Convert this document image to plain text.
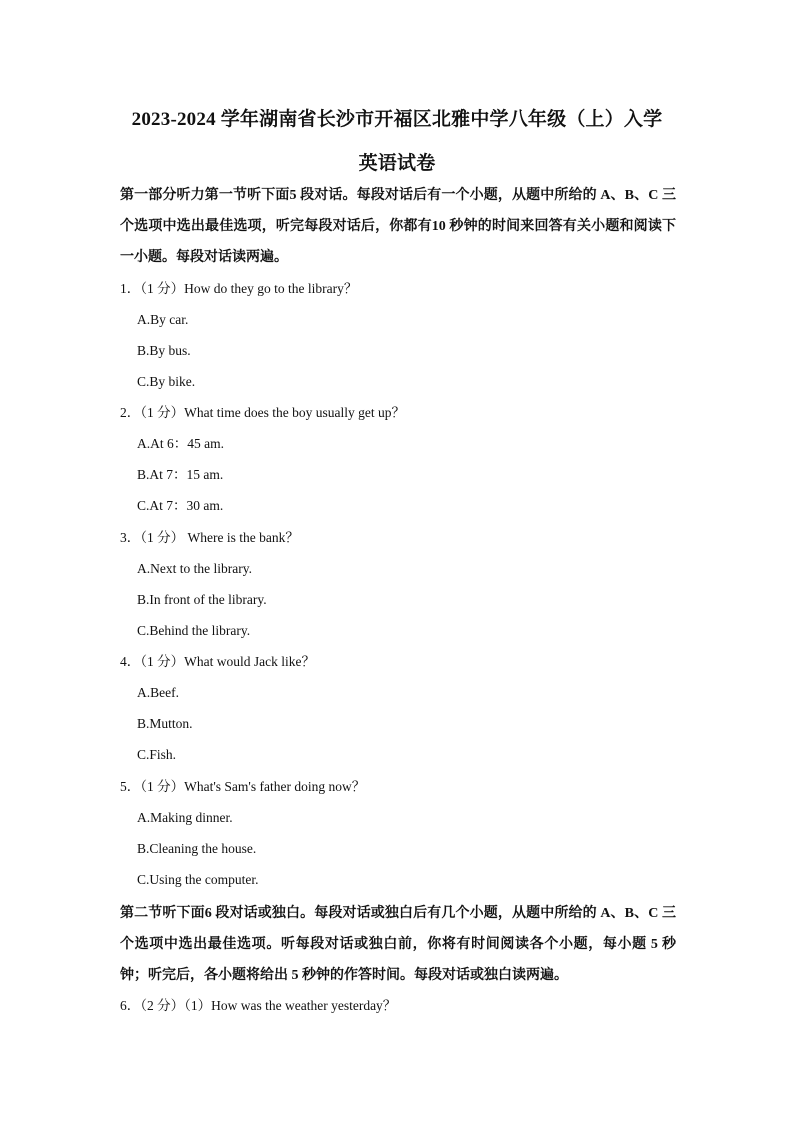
2023-2024 学年湖南省长沙市开福区北雅中学八年级（上）入学
英语试卷
第一部分听力第一节听下面5 段对话。每段对话后有一个小题，从题中所给的 A、B、C 三个选项中选出最佳选项，听完每段对话后，你都有10 秒钟的时间来回答有关小题和阅读下一小题。每段对话读两遍。
1．（1 分）How do they go to the library？
A.By car.
B.By bus.
C.By bike.
2．（1 分）What time does the boy usually get up？
A.At 6：45 am.
B.At 7：15 am.
C.At 7：30 am.
3．（1 分） Where is the bank？
A.Next to the library.
B.In front of the library.
C.Behind the library.
4．（1 分）What would Jack like？
A.Beef.
B.Mutton.
C.Fish.
5．（1 分）What's Sam's father doing now？
A.Making dinner.
B.Cleaning the house.
C.Using the computer.
第二节听下面6 段对话或独白。每段对话或独白后有几个小题，从题中所给的 A、B、C 三个选项中选出最佳选项。听每段对话或独白前，你将有时间阅读各个小题，每小题 5 秒钟；听完后，各小题将给出 5 秒钟的作答时间。每段对话或独白读两遍。
6．（2 分）（1）How was the weather yesterday？
